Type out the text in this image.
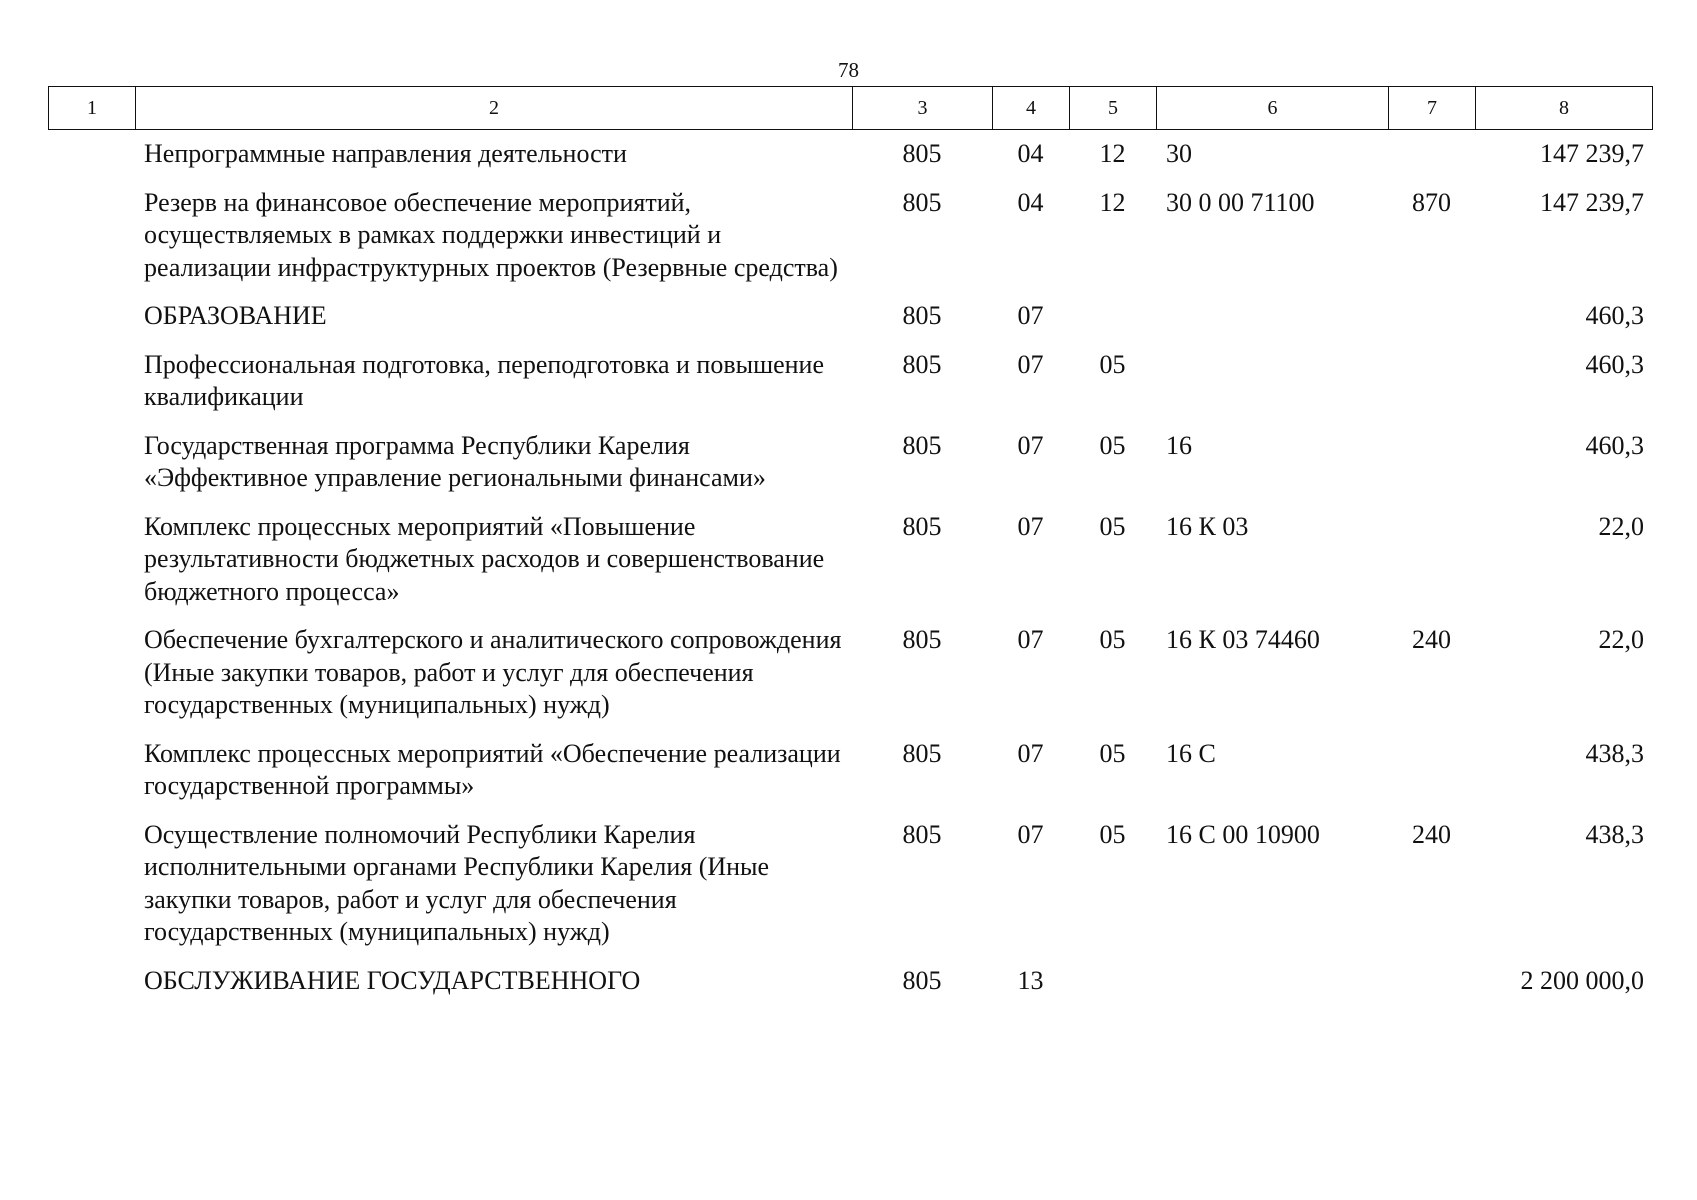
78
1	2	3	4	5	6	7	8
Непрограммные направления деятельности	805	04	12	30		147 239,7
Резерв на финансовое обеспечение мероприятий, осуществляемых в рамках поддержки инвестиций и реализации инфраструктурных проектов (Резервные средства)	805	04	12	30 0 00 71100	870	147 239,7
ОБРАЗОВАНИЕ	805	07				460,3
Профессиональная подготовка, переподготовка и повышение квалификации	805	07	05			460,3
Государственная программа Республики Карелия «Эффективное управление региональными финансами»	805	07	05	16		460,3
Комплекс процессных мероприятий «Повышение результативности бюджетных расходов и совершенствование бюджетного процесса»	805	07	05	16 К 03		22,0
Обеспечение бухгалтерского и аналитического сопровождения (Иные закупки товаров, работ и услуг для обеспечения государственных (муниципальных) нужд)	805	07	05	16 К 03 74460	240	22,0
Комплекс процессных мероприятий «Обеспечение реализации государственной программы»	805	07	05	16 С		438,3
Осуществление полномочий Республики Карелия исполнительными органами Республики Карелия (Иные закупки товаров, работ и услуг для обеспечения государственных (муниципальных) нужд)	805	07	05	16 С 00 10900	240	438,3
ОБСЛУЖИВАНИЕ ГОСУДАРСТВЕННОГО	805	13				2 200 000,0
